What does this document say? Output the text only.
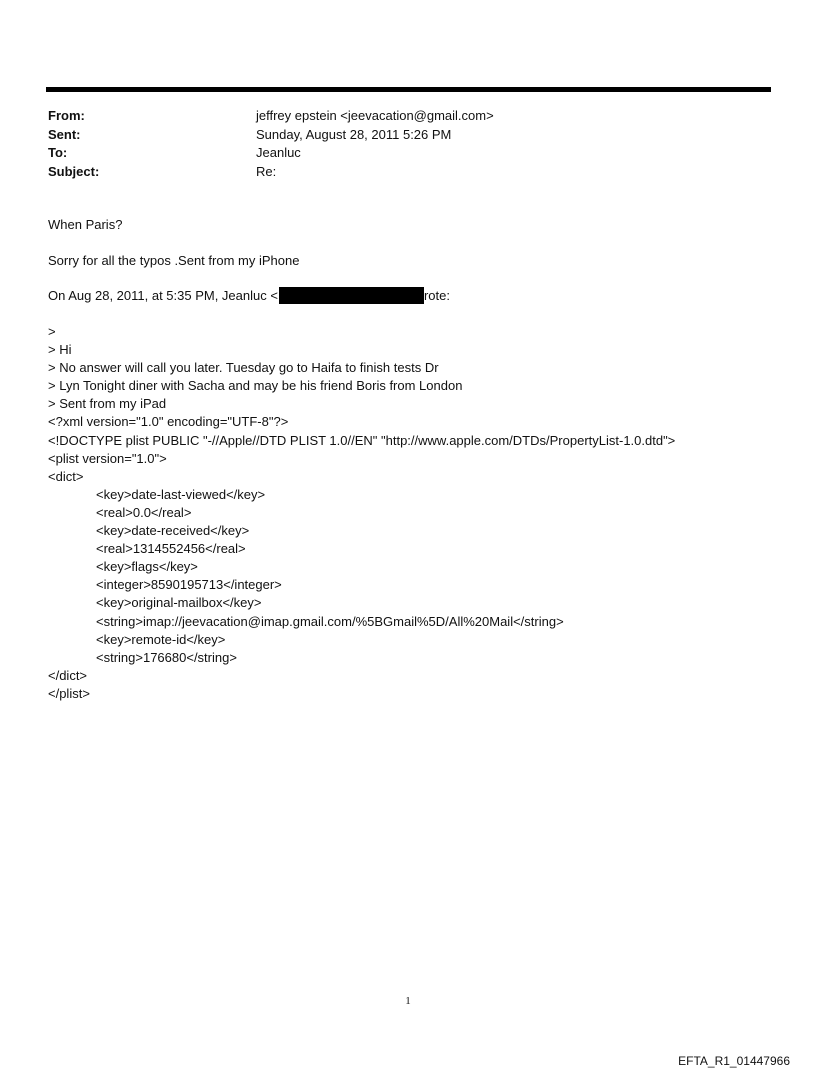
From:	jeffrey epstein <jeevacation@gmail.com>
Sent:	Sunday, August 28, 2011 5:26 PM
To:	Jeanluc
Subject:	Re:
When Paris?
Sorry for all the typos .Sent from my iPhone
On Aug 28, 2011, at 5:35 PM, Jeanluc <	rote:
>
> Hi
> No answer will call you later. Tuesday go to Haifa to finish tests Dr
> Lyn Tonight diner with Sacha and may be his friend Boris from London
> Sent from my iPad
<?xml version="1.0" encoding="UTF-8"?>
<!DOCTYPE plist PUBLIC "-//Apple//DTD PLIST 1.0//EN" "http://www.apple.com/DTDs/PropertyList-1.0.dtd">
<plist version="1.0">
<dict>
<key>date-last-viewed</key>
<real>0.0</real>
<key>date-received</key>
<real>1314552456</real>
<key>flags</key>
<integer>8590195713</integer>
<key>original-mailbox</key>
<string>imap://jeevacation@imap.gmail.com/%5BGmail%5D/All%20Mail</string>
<key>remote-id</key>
<string>176680</string>
</dict>
</plist>
1
EFTA_R1_01447966
